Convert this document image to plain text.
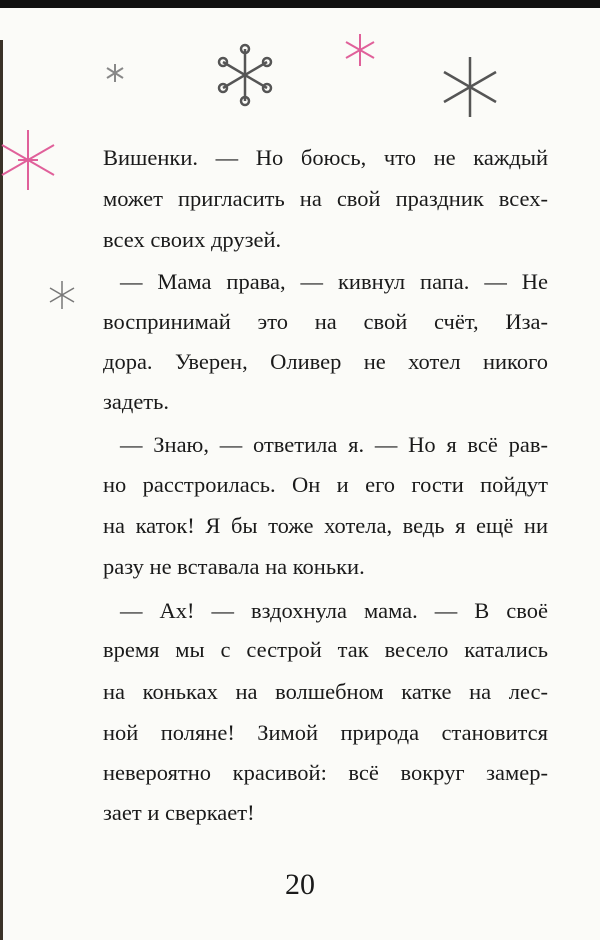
Вишенки. — Но боюсь, что не каждый
может пригласить на свой праздник всех-
всех своих друзей.
— Мама права, — кивнул папа. — Не
воспринимай это на свой счёт, Иза-
дора. Уверен, Оливер не хотел никого
задеть.
— Знаю, — ответила я. — Но я всё рав-
но расстроилась. Он и его гости пойдут
на каток! Я бы тоже хотела, ведь я ещё ни
разу не вставала на коньки.
— Ах! — вздохнула мама. — В своё
время мы с сестрой так весело катались
на коньках на волшебном катке на лес-
ной поляне! Зимой природа становится
невероятно красивой: всё вокруг замер-
зает и сверкает!
20
